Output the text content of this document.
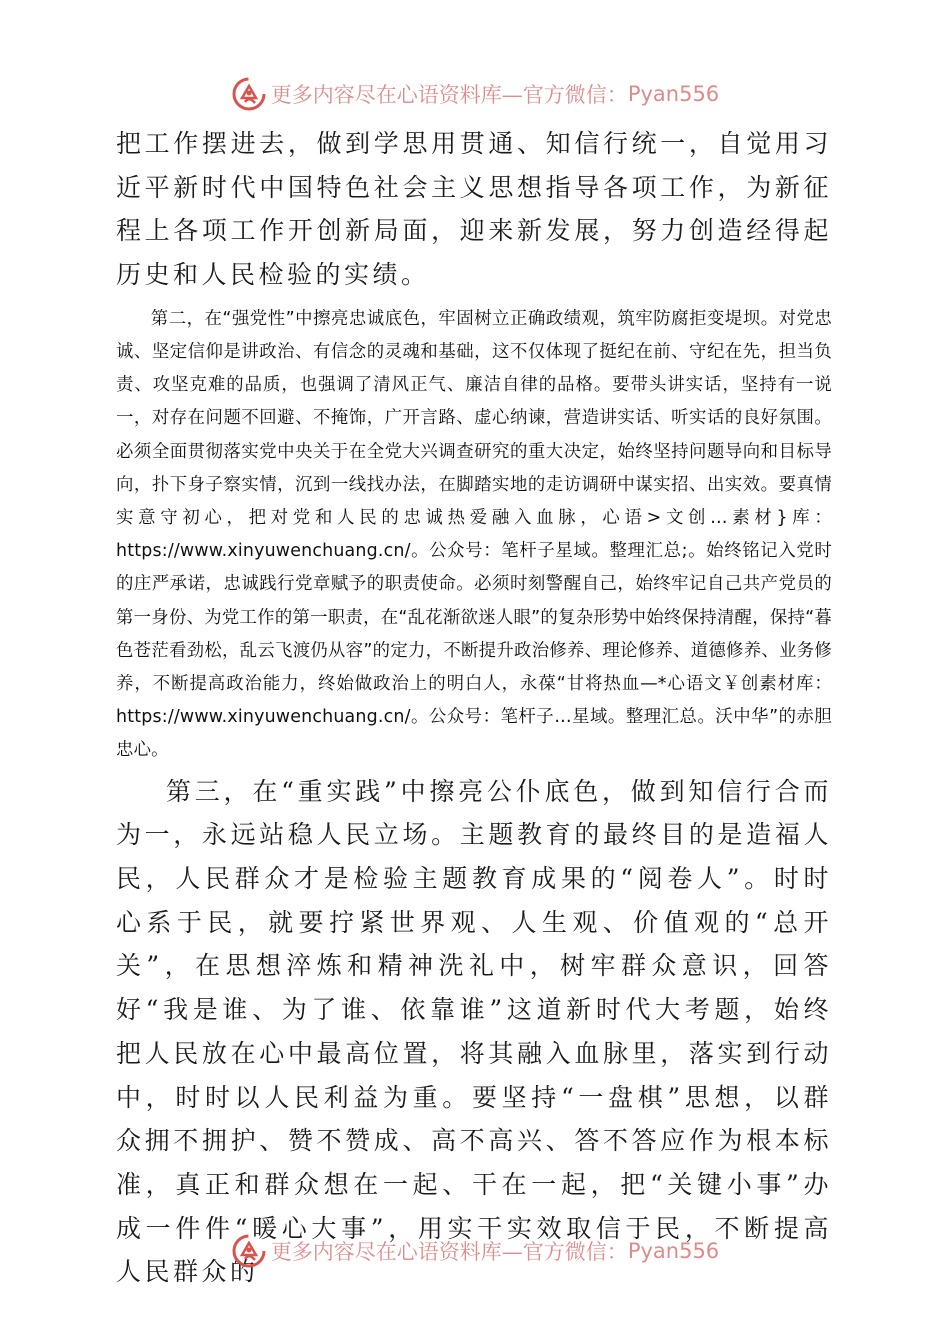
更多内容尽在心语资料库—官方微信： Pyan556

把工作摆进去，做到学思用贯通、知信行统一，自觉用习近平新时代中国特色社会主义思想指导各项工作，为新征程上各项工作开创新局面，迎来新发展，努力创造经得起历史和人民检验的实绩。

第二，在“强党性”中擦亮忠诚底色，牢固树立正确政绩观，筑牢防腐拒变堤坝。对党忠诚、坚定信仰是讲政治、有信念的灵魂和基础，这不仅体现了挺纪在前、守纪在先，担当负责、攻坚克难的品质，也强调了清风正气、廉洁自律的品格。要带头讲实话，坚持有一说一，对存在问题不回避、不掩饰，广开言路、虚心纳谏，营造讲实话、听实话的良好氛围。必须全面贯彻落实党中央关于在全党大兴调查研究的重大决定，始终坚持问题导向和目标导向，扑下身子察实情，沉到一线找办法，在脚踏实地的走访调研中谋实招、出实效。要真情实意守初心，把对党和人民的忠诚热爱融入血脉，心语>文创…素材}库：https://www.xinyuwenchuang.cn/。公众号：笔杆子星域。整理汇总;。始终铭记入党时的庄严承诺，忠诚践行党章赋予的职责使命。必须时刻警醒自己，始终牢记自己共产党员的第一身份、为党工作的第一职责，在“乱花渐欲迷人眼”的复杂形势中始终保持清醒，保持“暮色苍茫看劲松，乱云飞渡仍从容”的定力，不断提升政治修养、理论修养、道德修养、业务修养，不断提高政治能力，终始做政治上的明白人，永葆“甘将热血—*心语文￥创素材库：https://www.xinyuwenchuang.cn/。公众号：笔杆子…星域。整理汇总。沃中华”的赤胆忠心。

第三，在“重实践”中擦亮公仆底色，做到知信行合而为一，永远站稳人民立场。主题教育的最终目的是造福人民，人民群众才是检验主题教育成果的“阅卷人”。时时心系于民，就要拧紧世界观、人生观、价值观的“总开关”，在思想淬炼和精神洗礼中，树牢群众意识，回答好“我是谁、为了谁、依靠谁”这道新时代大考题，始终把人民放在心中最高位置，将其融入血脉里，落实到行动中，时时以人民利益为重。要坚持“一盘棋”思想，以群众拥不拥护、赞不赞成、高不高兴、答不答应作为根本标准，真正和群众想在一起、干在一起，把“关键小事”办成一件件“暖心大事”，用实干实效取信于民，不断提高人民群众的

更多内容尽在心语资料库—官方微信： Pyan556
